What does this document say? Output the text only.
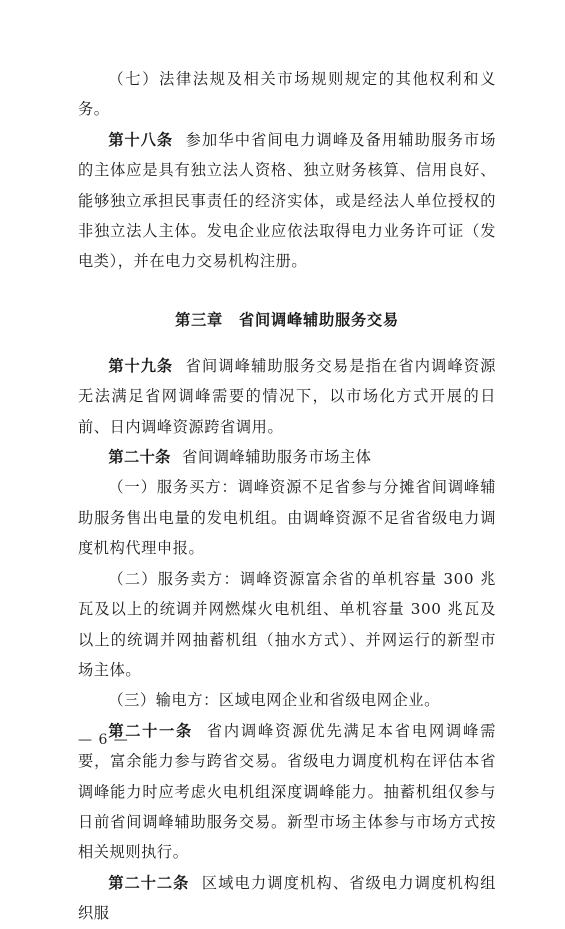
（七）法律法规及相关市场规则规定的其他权利和义务。

第十八条 参加华中省间电力调峰及备用辅助服务市场的主体应是具有独立法人资格、独立财务核算、信用良好、能够独立承担民事责任的经济实体，或是经法人单位授权的非独立法人主体。发电企业应依法取得电力业务许可证（发电类），并在电力交易机构注册。

第三章　省间调峰辅助服务交易

第十九条 省间调峰辅助服务交易是指在省内调峰资源无法满足省网调峰需要的情况下，以市场化方式开展的日前、日内调峰资源跨省调用。

第二十条 省间调峰辅助服务市场主体

（一）服务买方：调峰资源不足省参与分摊省间调峰辅助服务售出电量的发电机组。由调峰资源不足省省级电力调度机构代理申报。

（二）服务卖方：调峰资源富余省的单机容量 300 兆瓦及以上的统调并网燃煤火电机组、单机容量 300 兆瓦及以上的统调并网抽蓄机组（抽水方式）、并网运行的新型市场主体。

（三）输电方：区域电网企业和省级电网企业。

第二十一条 省内调峰资源优先满足本省电网调峰需要，富余能力参与跨省交易。省级电力调度机构在评估本省调峰能力时应考虑火电机组深度调峰能力。抽蓄机组仅参与日前省间调峰辅助服务交易。新型市场主体参与市场方式按相关规则执行。

第二十二条 区域电力调度机构、省级电力调度机构组织服

— 6 —
